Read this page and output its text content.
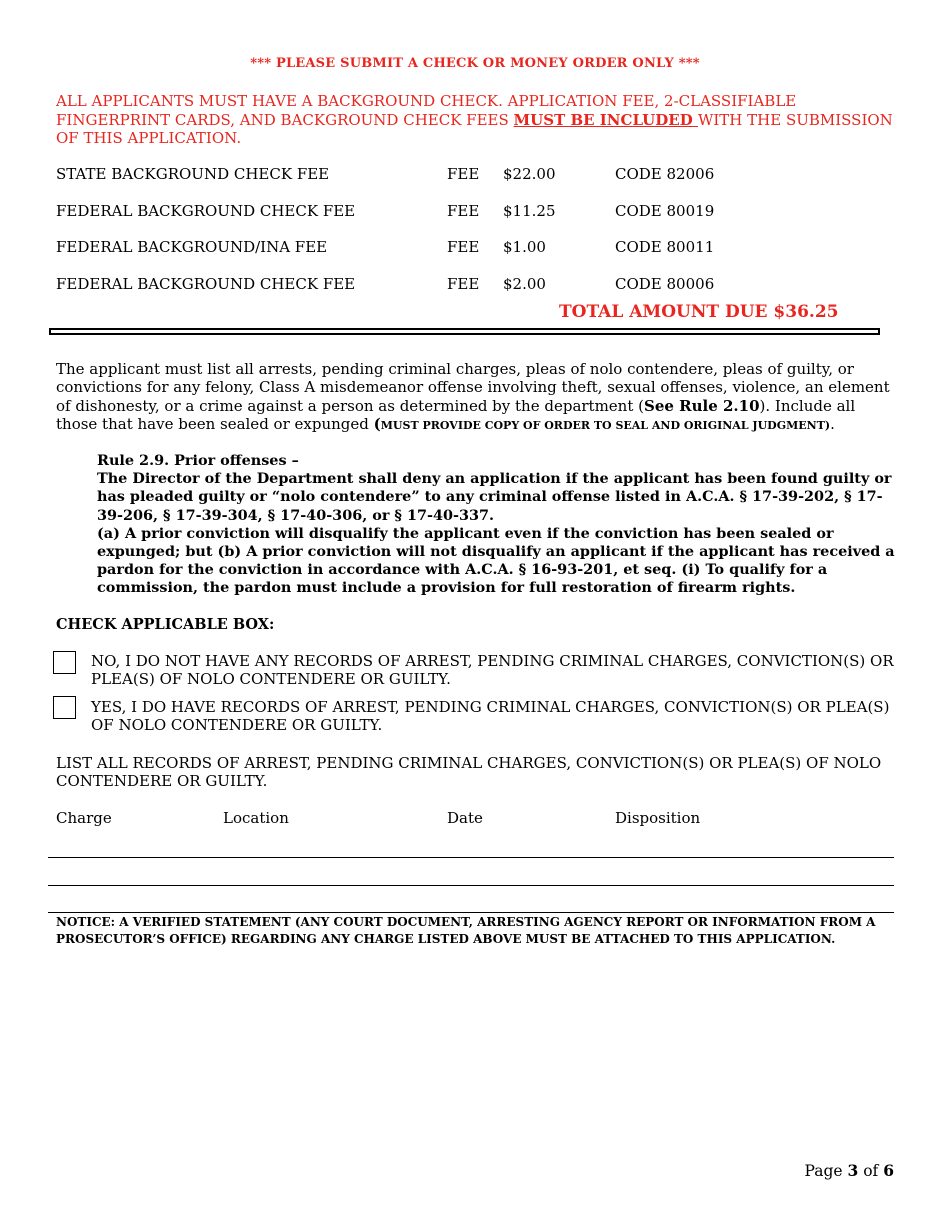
*** PLEASE SUBMIT A CHECK OR MONEY ORDER ONLY ***
ALL APPLICANTS MUST HAVE A BACKGROUND CHECK. APPLICATION FEE, 2-CLASSIFIABLE FINGERPRINT CARDS, AND BACKGROUND CHECK FEES MUST BE INCLUDED WITH THE SUBMISSION OF THIS APPLICATION.
STATE BACKGROUND CHECK FEE	FEE $22.00	CODE 82006
FEDERAL BACKGROUND CHECK FEE	FEE $11.25	CODE 80019
FEDERAL BACKGROUND/INA FEE	FEE $1.00	CODE 80011
FEDERAL BACKGROUND CHECK FEE	FEE $2.00	CODE 80006
TOTAL AMOUNT DUE $36.25
The applicant must list all arrests, pending criminal charges, pleas of nolo contendere, pleas of guilty, or convictions for any felony, Class A misdemeanor offense involving theft, sexual offenses, violence, an element of dishonesty, or a crime against a person as determined by the department (See Rule 2.10). Include all those that have been sealed or expunged (MUST PROVIDE COPY OF ORDER TO SEAL AND ORIGINAL JUDGMENT).
Rule 2.9. Prior offenses –
The Director of the Department shall deny an application if the applicant has been found guilty or has pleaded guilty or “nolo contendere” to any criminal offense listed in A.C.A. § 17-39-202, § 17-39-206, § 17-39-304, § 17-40-306, or § 17-40-337.
(a) A prior conviction will disqualify the applicant even if the conviction has been sealed or expunged; but (b) A prior conviction will not disqualify an applicant if the applicant has received a pardon for the conviction in accordance with A.C.A. § 16-93-201, et seq. (i) To qualify for a commission, the pardon must include a provision for full restoration of firearm rights.
CHECK APPLICABLE BOX:
NO, I DO NOT HAVE ANY RECORDS OF ARREST, PENDING CRIMINAL CHARGES, CONVICTION(S) OR PLEA(S) OF NOLO CONTENDERE OR GUILTY.
YES, I DO HAVE RECORDS OF ARREST, PENDING CRIMINAL CHARGES, CONVICTION(S) OR PLEA(S) OF NOLO CONTENDERE OR GUILTY.
LIST ALL RECORDS OF ARREST, PENDING CRIMINAL CHARGES, CONVICTION(S) OR PLEA(S) OF NOLO CONTENDERE OR GUILTY.
Charge	Location	Date	Disposition
NOTICE: A VERIFIED STATEMENT (ANY COURT DOCUMENT, ARRESTING AGENCY REPORT OR INFORMATION FROM A PROSECUTOR’S OFFICE) REGARDING ANY CHARGE LISTED ABOVE MUST BE ATTACHED TO THIS APPLICATION.
Page 3 of 6
